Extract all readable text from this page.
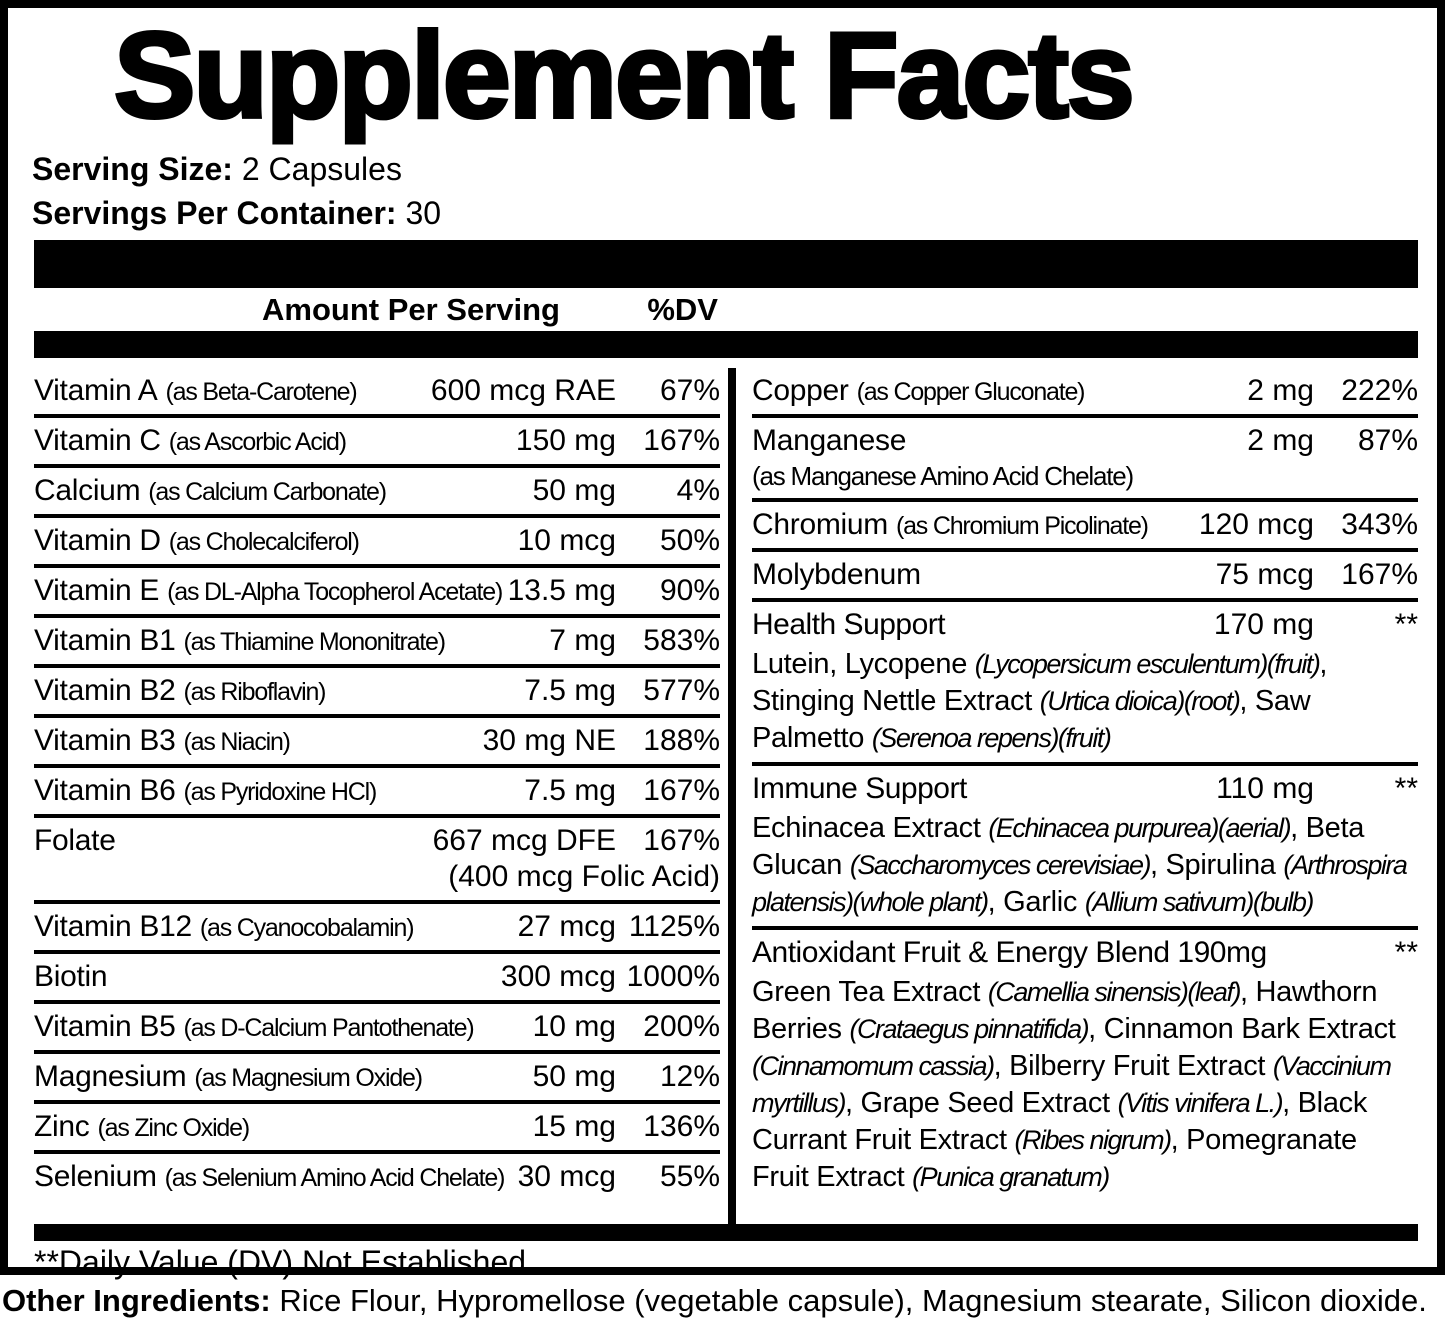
Supplement Facts
Serving Size: 2 Capsules
Servings Per Container: 30
Amount Per Serving	%DV
Vitamin A (as Beta-Carotene)	600 mcg RAE	67%
Vitamin C (as Ascorbic Acid)	150 mg 167%
Calcium (as Calcium Carbonate)	50 mg	4%
Vitamin D (as Cholecalciferol)	10 mcg	50%
Vitamin E (as DL-Alpha Tocopherol Acetate) 13.5 mg	90%
Vitamin B1 (as Thiamine Mononitrate)	7 mg 583%
Vitamin B2 (as Riboflavin)	7.5 mg 577%
Vitamin B3 (as Niacin)	30 mg NE 188%
Vitamin B6 (as Pyridoxine HCl)	7.5 mg 167%
Folate	667 mcg DFE 167%
(400 mcg Folic Acid)
Vitamin B12 (as Cyanocobalamin)	27 mcg 1125%
Biotin	300 mcg 1000%
Vitamin B5 (as D-Calcium Pantothenate)	10 mg 200%
Magnesium (as Magnesium Oxide)	50 mg	12%
Zinc (as Zinc Oxide)	15 mg 136%
Selenium (as Selenium Amino Acid Chelate) 30 mcg	55%
Copper (as Copper Gluconate)	2 mg 222%
Manganese	2 mg	87%
(as Manganese Amino Acid Chelate)
Chromium (as Chromium Picolinate)	120 mcg 343%
Molybdenum	75 mcg 167%
Health Support	170 mg	**
Lutein, Lycopene (Lycopersicum esculentum)(fruit), Stinging Nettle Extract (Urtica dioica)(root), Saw Palmetto (Serenoa repens)(fruit)
Immune Support	110 mg	**
Echinacea Extract (Echinacea purpurea)(aerial), Beta Glucan (Saccharomyces cerevisiae), Spirulina (Arthrospira platensis)(whole plant), Garlic (Allium sativum)(bulb)
Antioxidant Fruit & Energy Blend 190mg	**
Green Tea Extract (Camellia sinensis)(leaf), Hawthorn Berries (Crataegus pinnatifida), Cinnamon Bark Extract (Cinnamomum cassia), Bilberry Fruit Extract (Vaccinium myrtillus), Grape Seed Extract (Vitis vinifera L.), Black Currant Fruit Extract (Ribes nigrum), Pomegranate Fruit Extract (Punica granatum)
**Daily Value (DV) Not Established
Other Ingredients: Rice Flour, Hypromellose (vegetable capsule), Magnesium stearate, Silicon dioxide.
